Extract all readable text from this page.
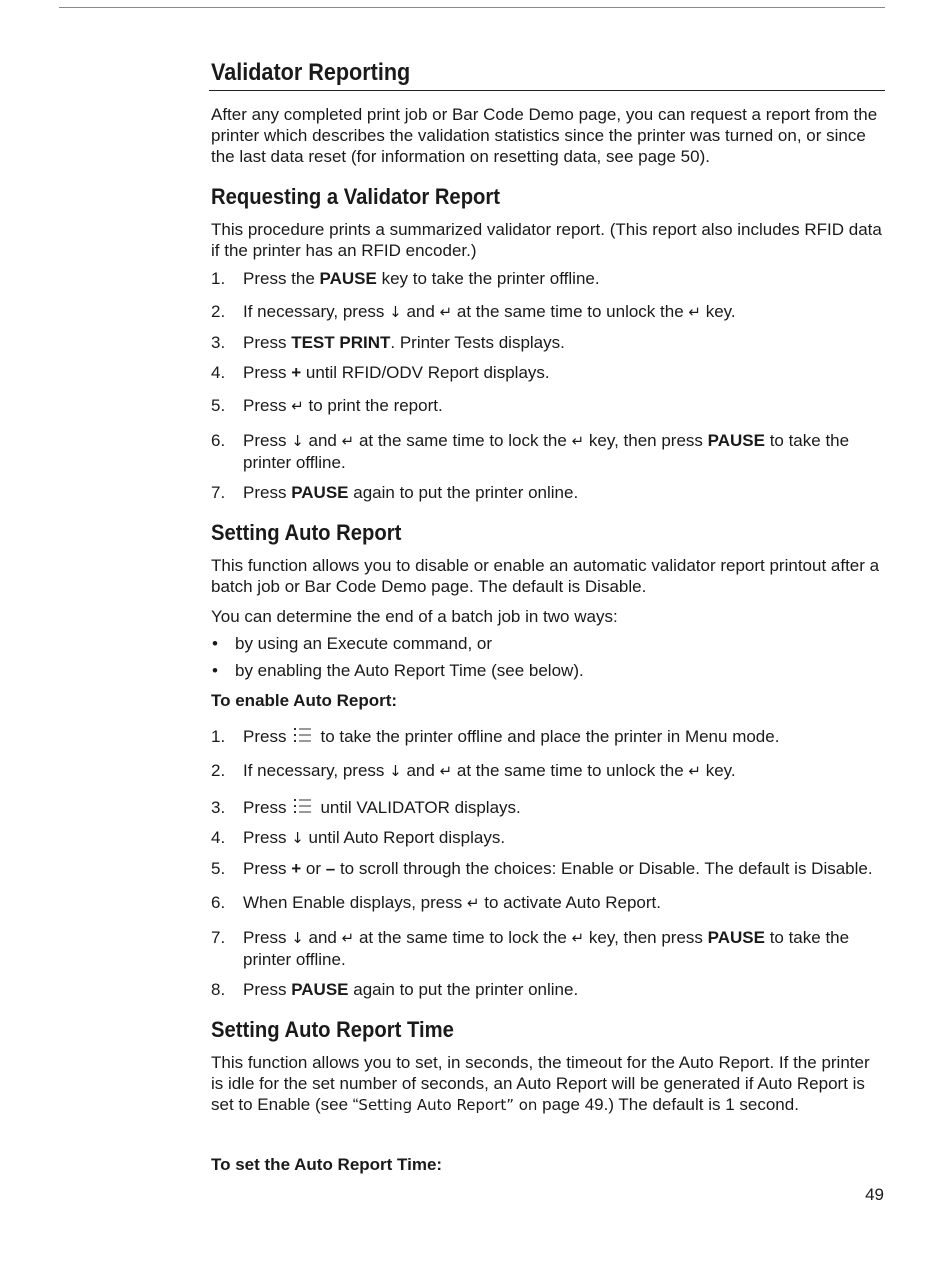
Validator Reporting

After any completed print job or Bar Code Demo page, you can request a report from the printer which describes the validation statistics since the printer was turned on, or since the last data reset (for information on resetting data, see page 50).

Requesting a Validator Report

This procedure prints a summarized validator report. (This report also includes RFID data if the printer has an RFID encoder.)

1. Press the PAUSE key to take the printer offline.
2. If necessary, press ↓ and ↵ at the same time to unlock the ↵ key.
3. Press TEST PRINT. Printer Tests displays.
4. Press + until RFID/ODV Report displays.
5. Press ↵ to print the report.
6. Press ↓ and ↵ at the same time to lock the ↵ key, then press PAUSE to take the printer offline.
7. Press PAUSE again to put the printer online.
Setting Auto Report

This function allows you to disable or enable an automatic validator report printout after a batch job or Bar Code Demo page. The default is Disable.

You can determine the end of a batch job in two ways:

• by using an Execute command, or
• by enabling the Auto Report Time (see below).

To enable Auto Report:

1. Press to take the printer offline and place the printer in Menu mode.
2. If necessary, press ↓ and ↵ at the same time to unlock the ↵ key.
3. Press until VALIDATOR displays.
4. Press ↓ until Auto Report displays.
5. Press + or – to scroll through the choices: Enable or Disable. The default is Disable.
6. When Enable displays, press ↵ to activate Auto Report.
7. Press ↓ and ↵ at the same time to lock the ↵ key, then press PAUSE to take the printer offline.
8. Press PAUSE again to put the printer online.
Setting Auto Report Time

This function allows you to set, in seconds, the timeout for the Auto Report. If the printer is idle for the set number of seconds, an Auto Report will be generated if Auto Report is set to Enable (see “Setting Auto Report” on page 49.) The default is 1 second.

To set the Auto Report Time:

49
